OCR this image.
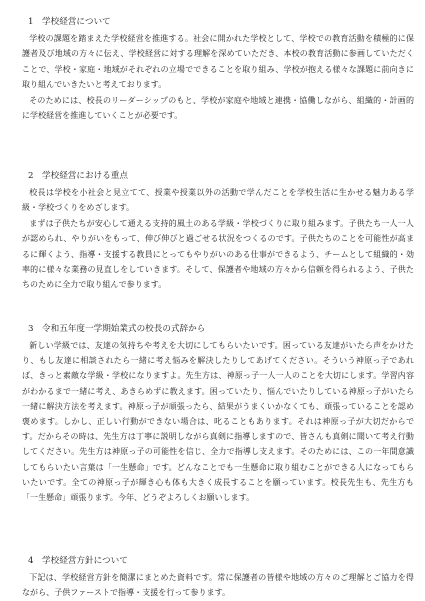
1　学校経営について

学校の課題を踏まえた学校経営を推進する。社会に開かれた学校として、学校での教育活動を積極的に保護者及び地域の方々に伝え、学校経営に対する理解を深めていただき、本校の教育活動に参画していただくことで、学校・家庭・地域がそれぞれの立場でできることを取り組み、学校が抱える様々な課題に前向きに取り組んでいきたいと考えております。

そのためには、校長のリーダーシップのもと、学校が家庭や地域と連携・協働しながら、組織的・計画的に学校経営を推進していくことが必要です。

2　学校経営における重点

校長は学校を小社会と見立てて、授業や授業以外の活動で学んだことを学校生活に生かせる魅力ある学級・学校づくりをめざします。

まずは子供たちが安心して通える支持的風土のある学級・学校づくりに取り組みます。子供たち一人一人が認められ、やりがいをもって、伸び伸びと過ごせる状況をつくるのです。子供たちのことを可能性が高まるに輝くよう、指導・支援する教員にとってもやりがいのある仕事ができるよう、チームとして組織的・効率的に様々な業務の見直しをしていきます。そして、保護者や地域の方々から信頼を得られるよう、子供たちのために全力で取り組んで参ります。

3　令和五年度一学期始業式の校長の式辞から

新しい学級では、友達の気持ちや考えを大切にしてもらいたいです。困っている友達がいたら声をかけたり、もし友達に相談されたら一緒に考え悩みを解決したりしてあげてください。そういう神原っ子であれば、きっと素敵な学級・学校になりますよ。先生方は、神原っ子一人一人のことを大切にします。学習内容がわかるまで一緒に考え、あきらめずに教えます。困っていたり、悩んでいたりしている神原っ子がいたら一緒に解決方法を考えます。神原っ子が頑張ったら、結果がうまくいかなくても、頑張っていることを認め褒めます。しかし、正しい行動ができない場合は、叱ることもあります。それは神原っ子が大切だからです。だからその時は、先生方は丁寧に説明しながら真剣に指導しますので、皆さんも真剣に聞いて考え行動してください。先生方は神原っ子の可能性を信じ、全力で指導し支えます。そのためには、この一年間意識してもらいたい言葉は「一生懸命」です。どんなことでも一生懸命に取り組むことができる人になってもらいたいです。全ての神原っ子が輝き心も体も大きく成長することを願っています。校長先生も、先生方も「一生懸命」頑張ります。今年、どうぞよろしくお願いします。

4　学校経営方針について

下記は、学校経営方針を簡潔にまとめた資料です。常に保護者の皆様や地域の方々のご理解とご協力を得ながら、子供ファーストで指導・支援を行って参ります。
